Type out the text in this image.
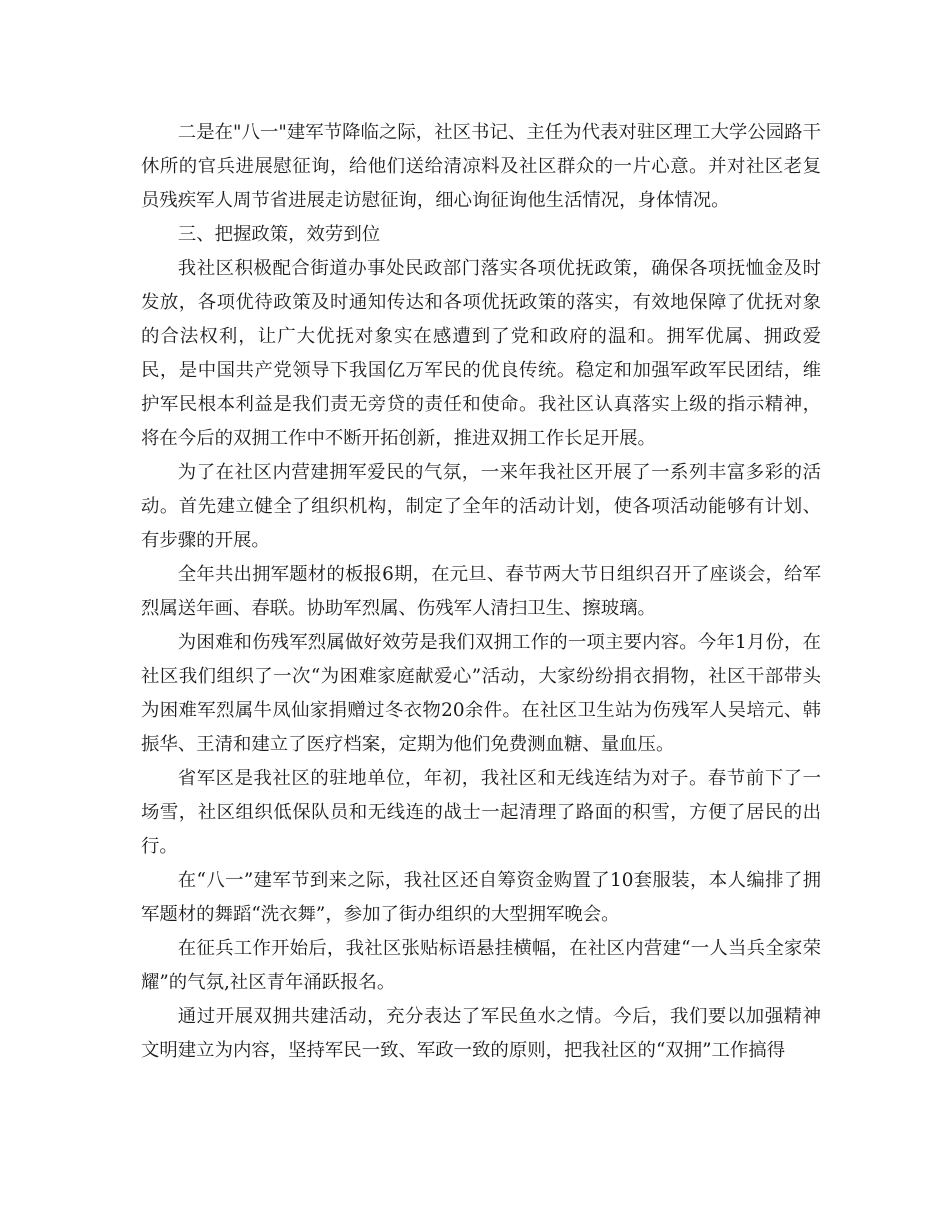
二是在"八一"建军节降临之际，社区书记、主任为代表对驻区理工大学公园路干休所的官兵进展慰征询，给他们送给清凉料及社区群众的一片心意。并对社区老复员残疾军人周节省进展走访慰征询，细心询征询他生活情况，身体情况。

三、把握政策，效劳到位

我社区积极配合街道办事处民政部门落实各项优抚政策，确保各项抚恤金及时发放，各项优待政策及时通知传达和各项优抚政策的落实，有效地保障了优抚对象的合法权利，让广大优抚对象实在感遭到了党和政府的温和。拥军优属、拥政爱民，是中国共产党领导下我国亿万军民的优良传统。稳定和加强军政军民团结，维护军民根本利益是我们责无旁贷的责任和使命。我社区认真落实上级的指示精神，将在今后的双拥工作中不断开拓创新，推进双拥工作长足开展。

为了在社区内营建拥军爱民的气氛，一来年我社区开展了一系列丰富多彩的活动。首先建立健全了组织机构，制定了全年的活动计划，使各项活动能够有计划、有步骤的开展。

全年共出拥军题材的板报6期，在元旦、春节两大节日组织召开了座谈会，给军烈属送年画、春联。协助军烈属、伤残军人清扫卫生、擦玻璃。

为困难和伤残军烈属做好效劳是我们双拥工作的一项主要内容。今年1月份，在社区我们组织了一次“为困难家庭献爱心”活动，大家纷纷捐衣捐物，社区干部带头为困难军烈属牛凤仙家捐赠过冬衣物20余件。在社区卫生站为伤残军人吴培元、韩振华、王清和建立了医疗档案，定期为他们免费测血糖、量血压。

省军区是我社区的驻地单位，年初，我社区和无线连结为对子。春节前下了一场雪，社区组织低保队员和无线连的战士一起清理了路面的积雪，方便了居民的出行。

在“八一”建军节到来之际，我社区还自筹资金购置了10套服装，本人编排了拥军题材的舞蹈“洗衣舞”，参加了街办组织的大型拥军晚会。

在征兵工作开始后，我社区张贴标语悬挂横幅，在社区内营建“一人当兵全家荣耀”的气氛,社区青年涌跃报名。

通过开展双拥共建活动，充分表达了军民鱼水之情。今后，我们要以加强精神文明建立为内容，坚持军民一致、军政一致的原则，把我社区的“双拥”工作搞得
